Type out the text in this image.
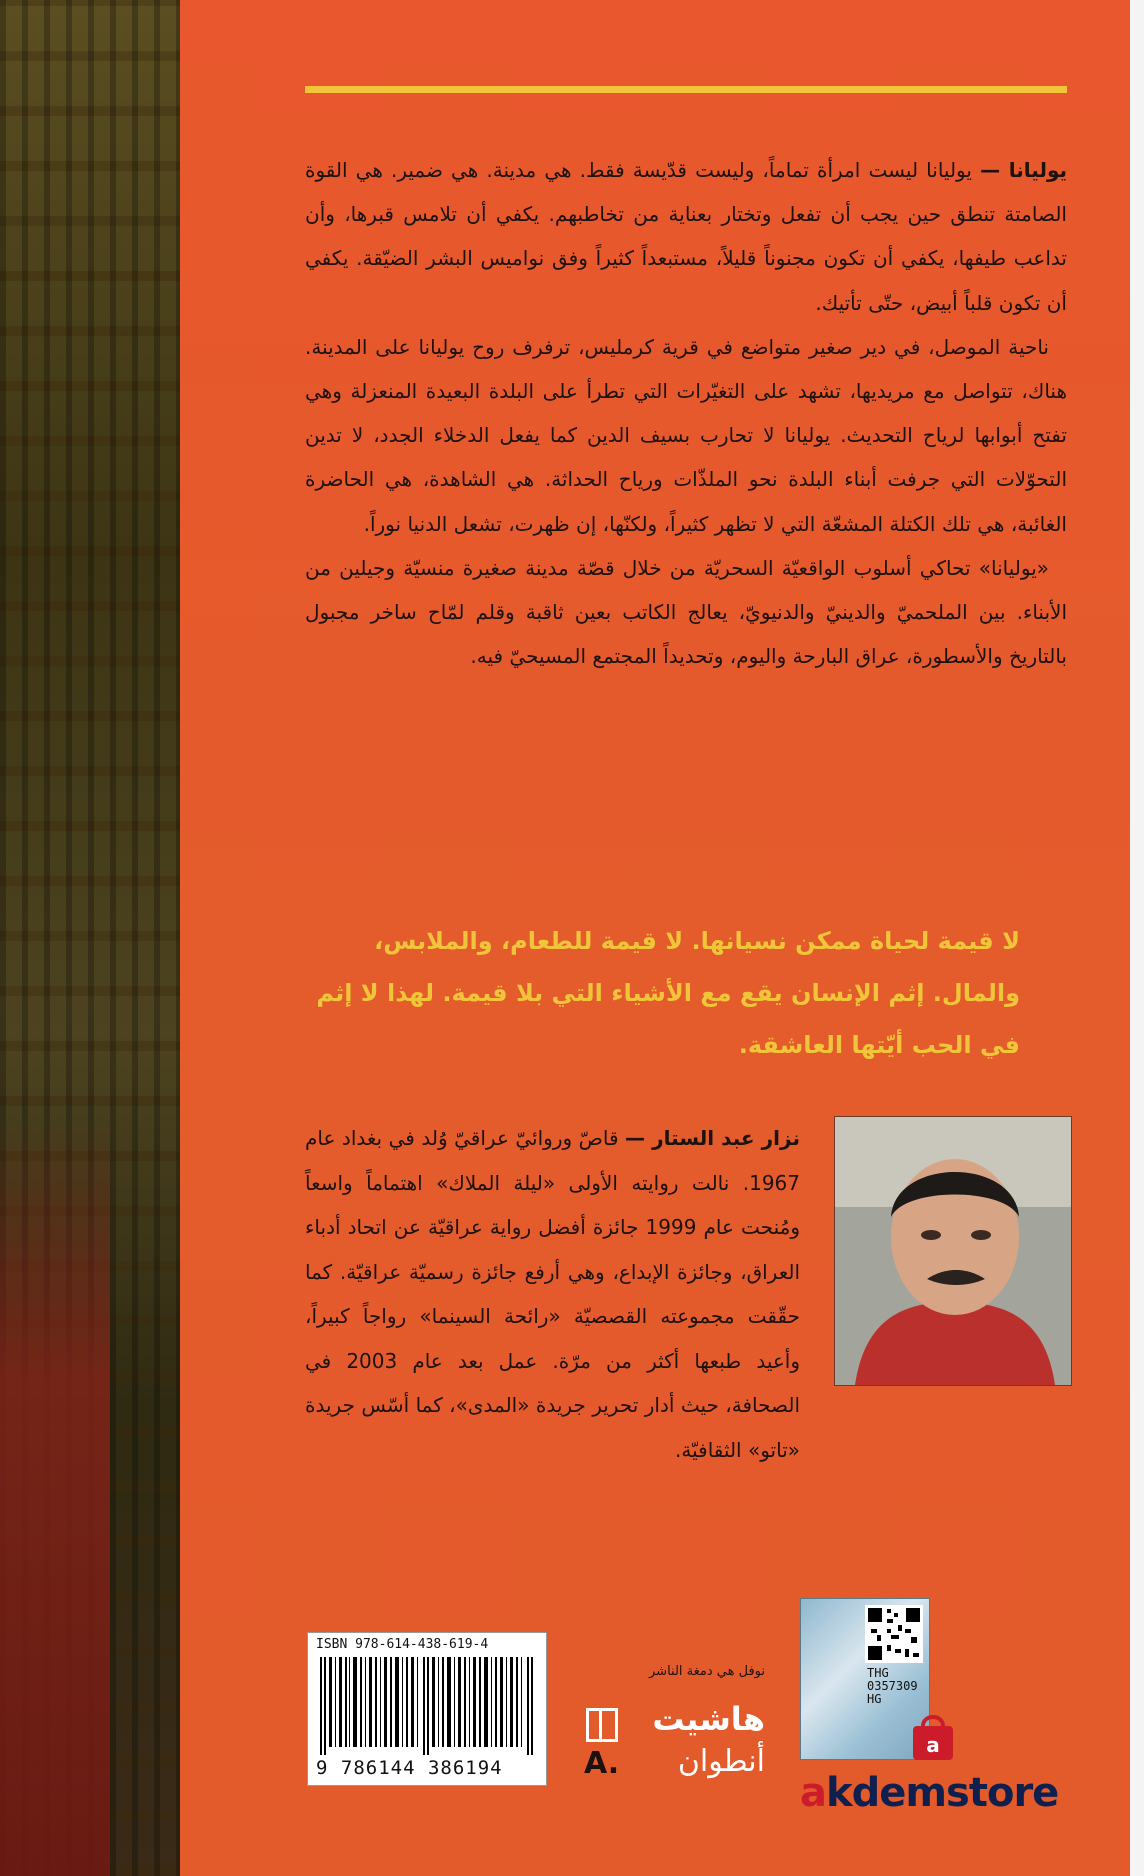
يوليانا — يوليانا ليست امرأة تماماً، وليست قدّيسة فقط. هي مدينة. هي ضمير. هي القوة الصامتة تنطق حين يجب أن تفعل وتختار بعناية من تخاطبهم. يكفي أن تلامس قبرها، وأن تداعب طيفها، يكفي أن تكون مجنوناً قليلاً، مستبعداً كثيراً وفق نواميس البشر الضيّقة. يكفي أن تكون قلباً أبيض، حتّى تأتيك.

ناحية الموصل، في دير صغير متواضع في قرية كرمليس، ترفرف روح يوليانا على المدينة. هناك، تتواصل مع مريديها، تشهد على التغيّرات التي تطرأ على البلدة البعيدة المنعزلة وهي تفتح أبوابها لرياح التحديث. يوليانا لا تحارب بسيف الدين كما يفعل الدخلاء الجدد، لا تدين التحوّلات التي جرفت أبناء البلدة نحو الملذّات ورياح الحداثة. هي الشاهدة، هي الحاضرة الغائبة، هي تلك الكتلة المشعّة التي لا تظهر كثيراً، ولكنّها، إن ظهرت، تشعل الدنيا نوراً.

«يوليانا» تحاكي أسلوب الواقعيّة السحريّة من خلال قصّة مدينة صغيرة منسيّة وجيلين من الأبناء. بين الملحميّ والدينيّ والدنيويّ، يعالج الكاتب بعين ثاقبة وقلم لمّاح ساخر مجبول بالتاريخ والأسطورة، عراق البارحة واليوم، وتحديداً المجتمع المسيحيّ فيه.

لا قيمة لحياة ممكن نسيانها. لا قيمة للطعام، والملابس، والمال. إثم الإنسان يقع مع الأشياء التي بلا قيمة. لهذا لا إثم في الحب أيّتها العاشقة.
نزار عبد الستار — قاصّ وروائيّ عراقيّ وُلد في بغداد عام 1967. نالت روايته الأولى «ليلة الملاك» اهتماماً واسعاً ومُنحت عام 1999 جائزة أفضل رواية عراقيّة عن اتحاد أدباء العراق، وجائزة الإبداع، وهي أرفع جائزة رسميّة عراقيّة. كما حقّقت مجموعته القصصيّة «رائحة السينما» رواجاً كبيراً، وأعيد طبعها أكثر من مرّة. عمل بعد عام 2003 في الصحافة، حيث أدار تحرير جريدة «المدى»، كما أسّس جريدة «تاتو» الثقافيّة.
ISBN 978-614-438-619-4
9 786144 386194
نوفل هي دمغة الناشر
هاشيت
A.	أنطوان
THG
0357309
HG
a
akdemstore
